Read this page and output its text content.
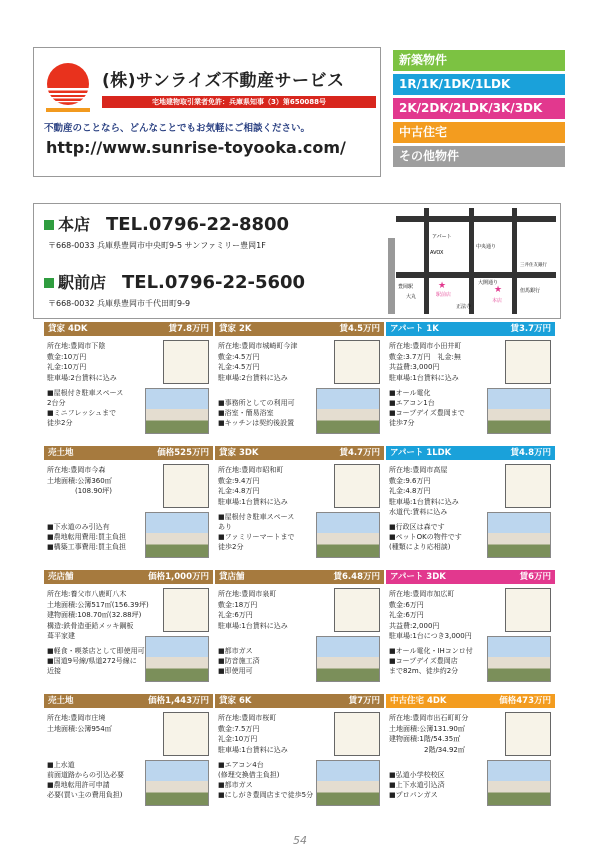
(株)サンライズ不動産サービス
宅地建物取引業者免許：兵庫県知事（3）第650088号
不動産のことなら、どんなことでもお気軽にご相談ください。
http://www.sunrise-toyooka.com/
新築物件
1R/1K/1DK/1LDK
2K/2DK/2LDK/3K/3DK
中古住宅
その他物件
本店 TEL.0796-22-8800
〒668-0033 兵庫県豊岡市中央町9-5 サンファミリー豊岡1F
駅前店 TEL.0796-22-5600
〒668-0032 兵庫県豊岡市千代田町9-9
アパート
AVOX
中央通り
豊岡駅
大丸	駅前店
本店
三井住友銀行
但馬銀行
大開通り
正法寺
★	★
貸家 4DK	賃7.8万円
所在地:豊岡市下陰
敷金:10万円
礼金:10万円
駐車場:2台賃料に込み
■屋根付き駐車スペース
2台分
■ミニフレッシュまで
徒歩2分
貸家 2K	賃4.5万円
所在地:豊岡市城崎町今津
敷金:4.5万円
礼金:4.5万円
駐車場:2台賃料に込み
■事務所としての利用可
■浴室・簡易浴室
■キッチンは契約後設置
アパート 1K	賃3.7万円
所在地:豊岡市小田井町
敷金:3.7万円　礼金:無
共益費:3,000円
駐車場:1台賃料に込み
■オール電化
■エアコン1台
■コープデイズ豊岡まで
徒歩7分
売土地	価格525万円
所在地:豊岡市今森
土地面積:公簿360㎡
　　　　(108.90坪)
■下水道のみ引込有
■農地転用費用:買主負担
■構築工事費用:買主負担
貸家 3DK	賃4.7万円
所在地:豊岡市昭和町
敷金:9.4万円
礼金:4.8万円
駐車場:1台賃料に込み
■屋根付き駐車スペース
あり
■ファミリーマートまで
徒歩2分
アパート 1LDK	賃4.8万円
所在地:豊岡市高屋
敷金:9.6万円
礼金:4.8万円
駐車場:1台賃料に込み
水道代:賃料に込み
■行政区は森です
■ペットOKの物件です
(種類により応相談)
売店舗	価格1,000万円
所在地:養父市八鹿町八木
土地面積:公簿517㎡(156.39坪)
建物面積:108.70㎡(32.88坪)
構造:鉄骨造亜鉛メッキ鋼板
葺平家建
■軽食・喫茶店として即使用可
■国道9号線/県道272号線に
近接
貸店舗	賃6.48万円
所在地:豊岡市泉町
敷金:18万円
礼金:6万円
駐車場:1台賃料に込み
■都市ガス
■防音施工済
■即使用可
アパート 3DK	賃6万円
所在地:豊岡市加広町
敷金:6万円
礼金:6万円
共益費:2,000円
駐車場:1台につき3,000円
■オール電化・IHコンロ付
■コープデイズ豊岡店
まで82m、徒歩約2分
売土地	価格1,443万円
所在地:豊岡市庄境
土地面積:公簿954㎡
■上水道
前面道路からの引込必要
■農地転用許可申請
必要(買い主の費用負担)
貸家 6K	賃7万円
所在地:豊岡市桜町
敷金:7.5万円
礼金:10万円
駐車場:1台賃料に込み
■エアコン4台
(修理交換借主負担)
■都市ガス
■にしがき豊岡店まで徒歩5分
中古住宅 4DK	価格473万円
所在地:豊岡市出石町町分
土地面積:公簿131.90㎡
建物面積:1階/54.35㎡
　　　　　2階/34.92㎡
■弘道小学校校区
■上下水道引込済
■プロパンガス
54
